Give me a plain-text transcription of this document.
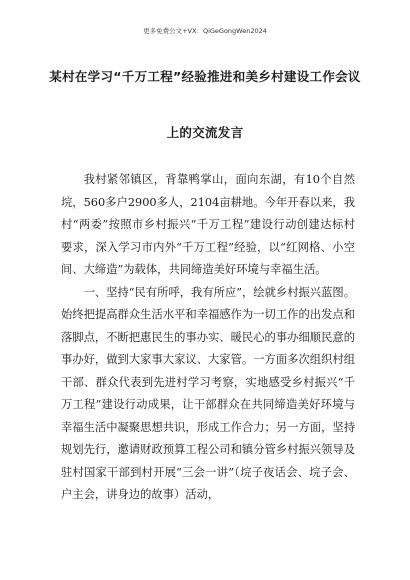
更多免费公文+VX：QiGeGongWen2024
某村在学习“千万工程”经验推进和美乡村建设工作会议
上的交流发言

我村紧邻镇区，背靠鸭掌山，面向东湖，有10个自然垸，560多户2900多人，2104亩耕地。今年开春以来，我村“两委”按照市乡村振兴“千万工程”建设行动创建达标村要求，深入学习市内外“千万工程”经验，以“红网格、小空间、大缔造”为载体，共同缔造美好环境与幸福生活。

一、坚持“民有所呼，我有所应”，绘就乡村振兴蓝图。始终把提高群众生活水平和幸福感作为一切工作的出发点和落脚点，不断把惠民生的事办实、暖民心的事办细顺民意的事办好，做到大家事大家议、大家管。一方面多次组织村组干部、群众代表到先进村学习考察，实地感受乡村振兴“千万工程”建设行动成果，让干部群众在共同缔造美好环境与幸福生活中凝聚思想共识，形成工作合力；另一方面，坚持规划先行，邀请财政预算工程公司和镇分管乡村振兴领导及驻村国家干部到村开展“三会一讲”（垸子夜话会、垸子会、户主会，讲身边的故事）活动，
